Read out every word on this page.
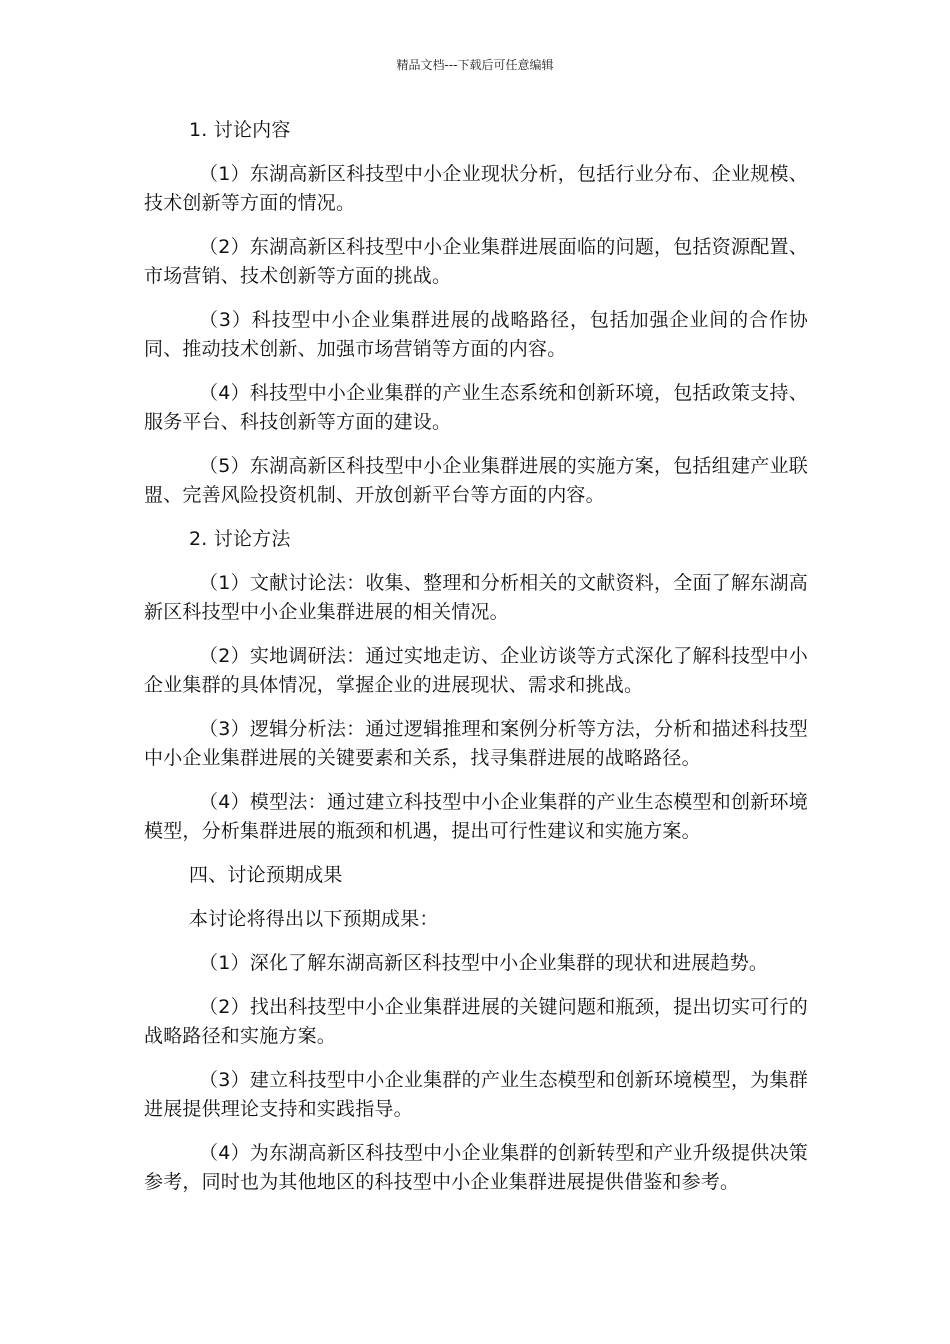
精品文档---下载后可任意编辑

1. 讨论内容

（1）东湖高新区科技型中小企业现状分析，包括行业分布、企业规模、技术创新等方面的情况。

（2）东湖高新区科技型中小企业集群进展面临的问题，包括资源配置、市场营销、技术创新等方面的挑战。

（3）科技型中小企业集群进展的战略路径，包括加强企业间的合作协同、推动技术创新、加强市场营销等方面的内容。

（4）科技型中小企业集群的产业生态系统和创新环境，包括政策支持、服务平台、科技创新等方面的建设。

（5）东湖高新区科技型中小企业集群进展的实施方案，包括组建产业联盟、完善风险投资机制、开放创新平台等方面的内容。

2. 讨论方法

（1）文献讨论法：收集、整理和分析相关的文献资料，全面了解东湖高新区科技型中小企业集群进展的相关情况。

（2）实地调研法：通过实地走访、企业访谈等方式深化了解科技型中小企业集群的具体情况，掌握企业的进展现状、需求和挑战。

（3）逻辑分析法：通过逻辑推理和案例分析等方法，分析和描述科技型中小企业集群进展的关键要素和关系，找寻集群进展的战略路径。

（4）模型法：通过建立科技型中小企业集群的产业生态模型和创新环境模型，分析集群进展的瓶颈和机遇，提出可行性建议和实施方案。

四、讨论预期成果

本讨论将得出以下预期成果：

（1）深化了解东湖高新区科技型中小企业集群的现状和进展趋势。

（2）找出科技型中小企业集群进展的关键问题和瓶颈，提出切实可行的战略路径和实施方案。

（3）建立科技型中小企业集群的产业生态模型和创新环境模型，为集群进展提供理论支持和实践指导。

（4）为东湖高新区科技型中小企业集群的创新转型和产业升级提供决策参考，同时也为其他地区的科技型中小企业集群进展提供借鉴和参考。
